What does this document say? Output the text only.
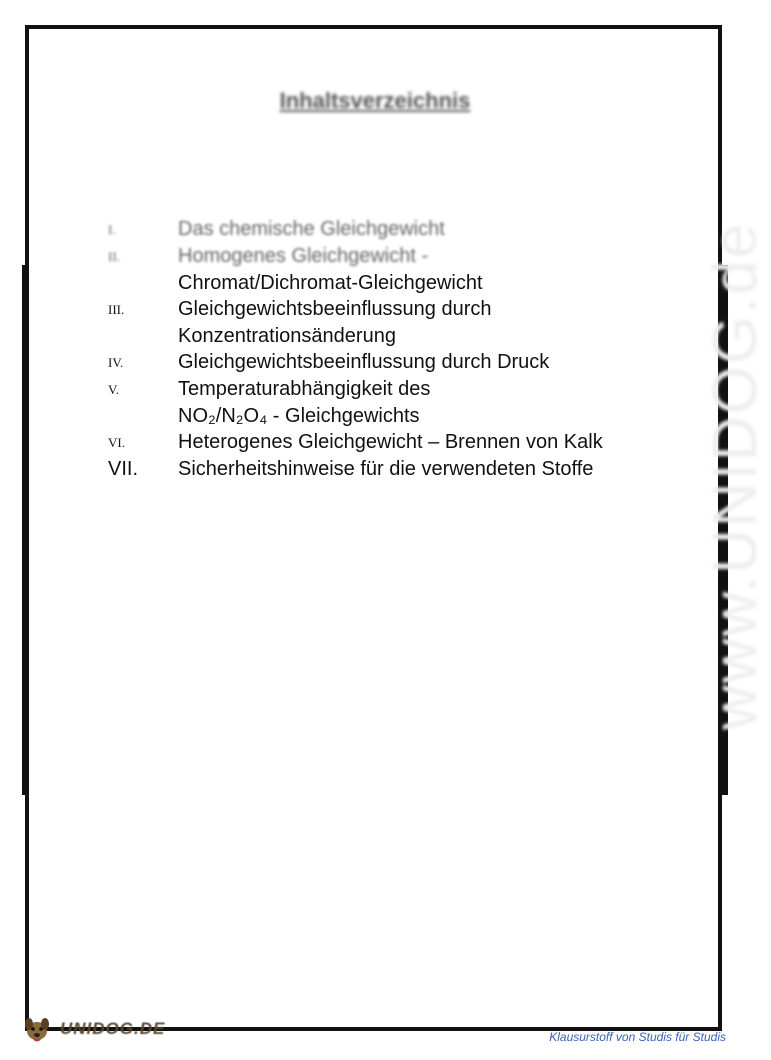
Inhaltsverzeichnis
I.	Das chemische Gleichgewicht
II.	Homogenes Gleichgewicht -
Chromat/Dichromat-Gleichgewicht
III.	Gleichgewichtsbeeinflussung durch
Konzentrationsänderung
IV.	Gleichgewichtsbeeinflussung durch Druck
V.	Temperaturabhängigkeit des
NO₂/N₂O₄ - Gleichgewichts
VI.	Heterogenes Gleichgewicht – Brennen von Kalk
VII.	Sicherheitshinweise für die verwendeten Stoffe www.UNIDOG.de
UNIDOG.DE	Klausurstoff von Studis für Studis
